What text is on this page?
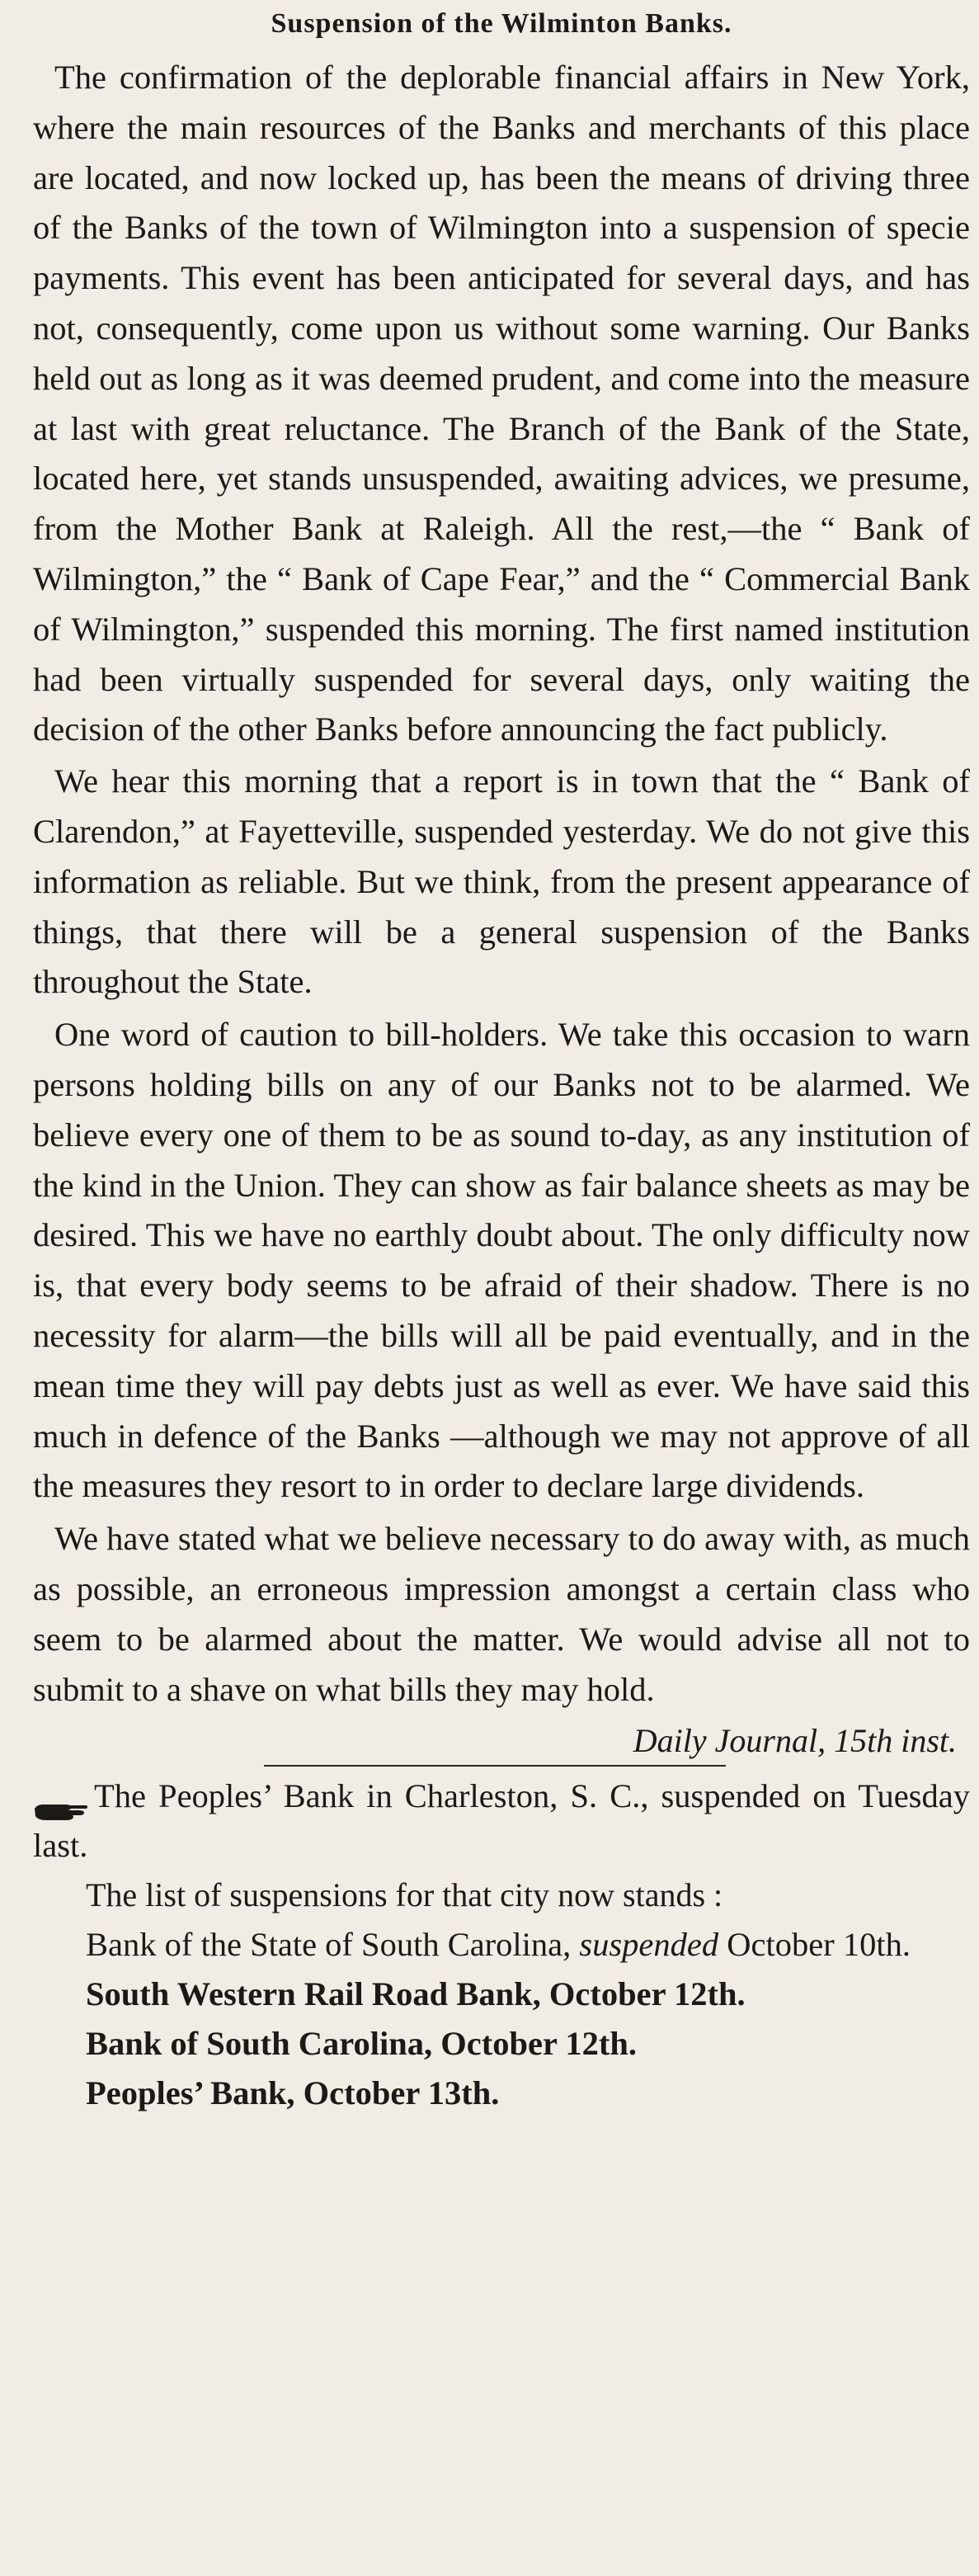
Suspension of the Wilminton Banks.

The confirmation of the deplorable financial affairs in New York, where the main resources of the Banks and merchants of this place are located, and now locked up, has been the means of driving three of the Banks of the town of Wilmington into a suspension of specie payments. This event has been anticipated for several days, and has not, consequently, come upon us without some warning. Our Banks held out as long as it was deemed prudent, and come into the measure at last with great reluctance. The Branch of the Bank of the State, located here, yet stands unsuspended, awaiting advices, we presume, from the Mother Bank at Raleigh. All the rest,—the “ Bank of Wilmington,” the “ Bank of Cape Fear,” and the “ Commercial Bank of Wilmington,” suspended this morning. The first named institution had been virtually suspended for several days, only waiting the decision of the other Banks before announcing the fact publicly.

We hear this morning that a report is in town that the “ Bank of Clarendon,” at Fayetteville, suspended yesterday. We do not give this information as reliable. But we think, from the present appearance of things, that there will be a general suspension of the Banks throughout the State.

One word of caution to bill-holders. We take this occasion to warn persons holding bills on any of our Banks not to be alarmed. We believe every one of them to be as sound to-day, as any institution of the kind in the Union. They can show as fair balance sheets as may be desired. This we have no earthly doubt about. The only difficulty now is, that every body seems to be afraid of their shadow. There is no necessity for alarm—the bills will all be paid eventually, and in the mean time they will pay debts just as well as ever. We have said this much in defence of the Banks —although we may not approve of all the measures they resort to in order to declare large dividends.

We have stated what we believe necessary to do away with, as much as possible, an erroneous impression amongst a certain class who seem to be alarmed about the matter. We would advise all not to submit to a shave on what bills they may hold.

Daily Journal, 15th inst.

The Peoples’ Bank in Charleston, S. C., suspended on Tuesday last.

The list of suspensions for that city now stands :

Bank of the State of South Carolina, suspended October 10th.

South Western Rail Road Bank, October 12th.

Bank of South Carolina, October 12th.

Peoples’ Bank, October 13th.
